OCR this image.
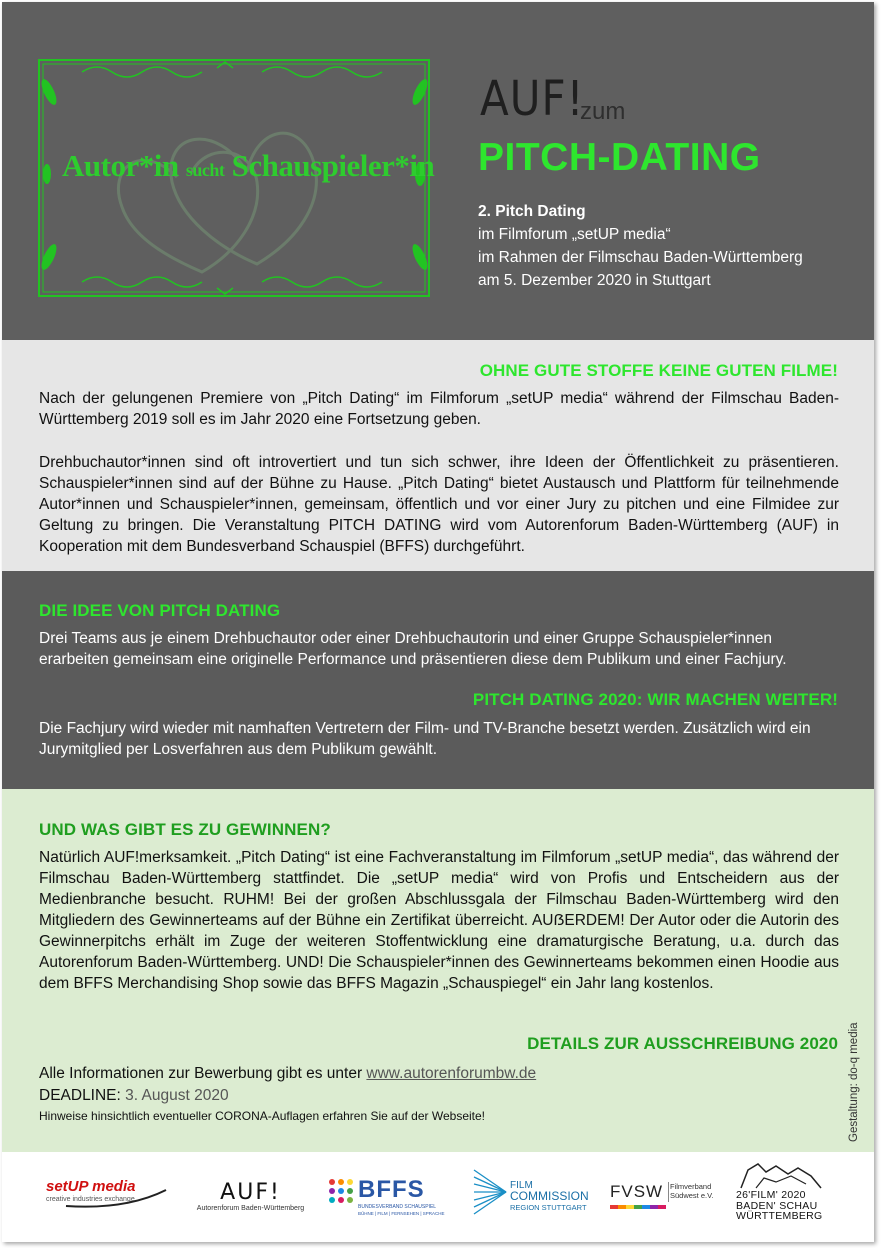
Autor*in sucht Schauspieler*in
AUF!
zum
PITCH-DATING
2. Pitch Dating
im Filmforum „setUP media“
im Rahmen der Filmschau Baden-Württemberg
am 5. Dezember 2020 in Stuttgart
OHNE GUTE STOFFE KEINE GUTEN FILME!
Nach der gelungenen Premiere von „Pitch Dating“ im Filmforum „setUP media“ während der Filmschau Baden-Württemberg 2019 soll es im Jahr 2020 eine Fortsetzung geben.
Drehbuchautor*innen sind oft introvertiert und tun sich schwer, ihre Ideen der Öffentlichkeit zu präsentieren. Schauspieler*innen sind auf der Bühne zu Hause. „Pitch Dating“ bietet Austausch und Plattform für teilnehmende Autor*innen und Schauspieler*innen, gemeinsam, öffentlich und vor einer Jury zu pitchen und eine Filmidee zur Geltung zu bringen. Die Veranstaltung PITCH DATING wird vom Autorenforum Baden-Württemberg (AUF) in Kooperation mit dem Bundesverband Schauspiel (BFFS) durchgeführt.
DIE IDEE VON PITCH DATING
Drei Teams aus je einem Drehbuchautor oder einer Drehbuchautorin und einer Gruppe Schauspieler*innen erarbeiten gemeinsam eine originelle Performance und präsentieren diese dem Publikum und einer Fachjury.
PITCH DATING 2020: WIR MACHEN WEITER!
Die Fachjury wird wieder mit namhaften Vertretern der Film- und TV-Branche besetzt werden. Zusätzlich wird ein Jurymitglied per Losverfahren aus dem Publikum gewählt.
UND WAS GIBT ES ZU GEWINNEN?
Natürlich AUF!merksamkeit. „Pitch Dating“ ist eine Fachveranstaltung im Filmforum „setUP media“, das während der Filmschau Baden-Württemberg stattfindet. Die „setUP media“ wird von Profis und Entscheidern aus der Medienbranche besucht. RUHM! Bei der großen Abschlussgala der Filmschau Baden-Württemberg wird den Mitgliedern des Gewinnerteams auf der Bühne ein Zertifikat überreicht. AUẞERDEM! Der Autor oder die Autorin des Gewinnerpitchs erhält im Zuge der weiteren Stoffentwicklung eine dramaturgische Beratung, u.a. durch das Autorenforum Baden-Württemberg. UND! Die Schauspieler*innen des Gewinnerteams bekommen einen Hoodie aus dem BFFS Merchandising Shop sowie das BFFS Magazin „Schauspiegel“ ein Jahr lang kostenlos.
DETAILS ZUR AUSSCHREIBUNG 2020
Alle Informationen zur Bewerbung gibt es unter www.autorenforumbw.de
DEADLINE: 3. August 2020
Hinweise hinsichtlich eventueller CORONA-Auflagen erfahren Sie auf der Webseite!	Gestaltung: do-q media
setUP media
creative industries exchange	AUF!
Autorenforum Baden-Württemberg
BFFS
BUNDESVERBAND SCHAUSPIEL
BÜHNE | FILM | FERNSEHEN | SPRACHE
FILM
COMMISSION
REGION STUTTGART
FVSW Filmverband
Südwest e.V. 26'FILM' 2020
BADEN' SCHAU
WÜRTTEMBERG
